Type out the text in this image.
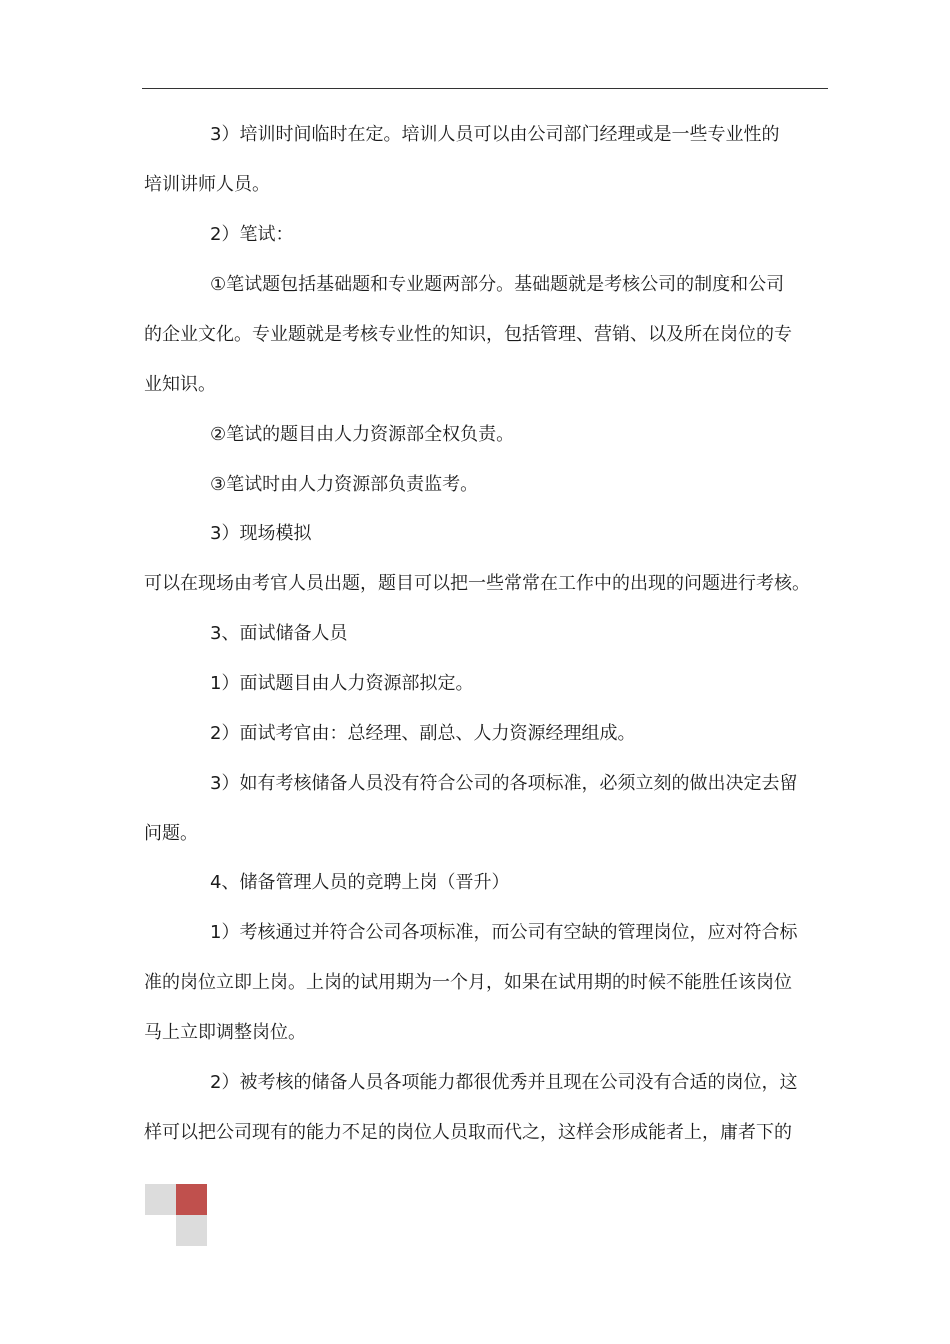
3）培训时间临时在定。培训人员可以由公司部门经理或是一些专业性的
培训讲师人员。
2）笔试：
①笔试题包括基础题和专业题两部分。基础题就是考核公司的制度和公司
的企业文化。专业题就是考核专业性的知识，包括管理、营销、以及所在岗位的专
业知识。
②笔试的题目由人力资源部全权负责。
③笔试时由人力资源部负责监考。
3）现场模拟
可以在现场由考官人员出题，题目可以把一些常常在工作中的出现的问题进行考核。
3、面试储备人员
1）面试题目由人力资源部拟定。
2）面试考官由：总经理、副总、人力资源经理组成。
3）如有考核储备人员没有符合公司的各项标准，必须立刻的做出决定去留
问题。
4、储备管理人员的竞聘上岗（晋升）
1）考核通过并符合公司各项标准，而公司有空缺的管理岗位，应对符合标
准的岗位立即上岗。上岗的试用期为一个月，如果在试用期的时候不能胜任该岗位
马上立即调整岗位。
2）被考核的储备人员各项能力都很优秀并且现在公司没有合适的岗位，这
样可以把公司现有的能力不足的岗位人员取而代之，这样会形成能者上，庸者下的
